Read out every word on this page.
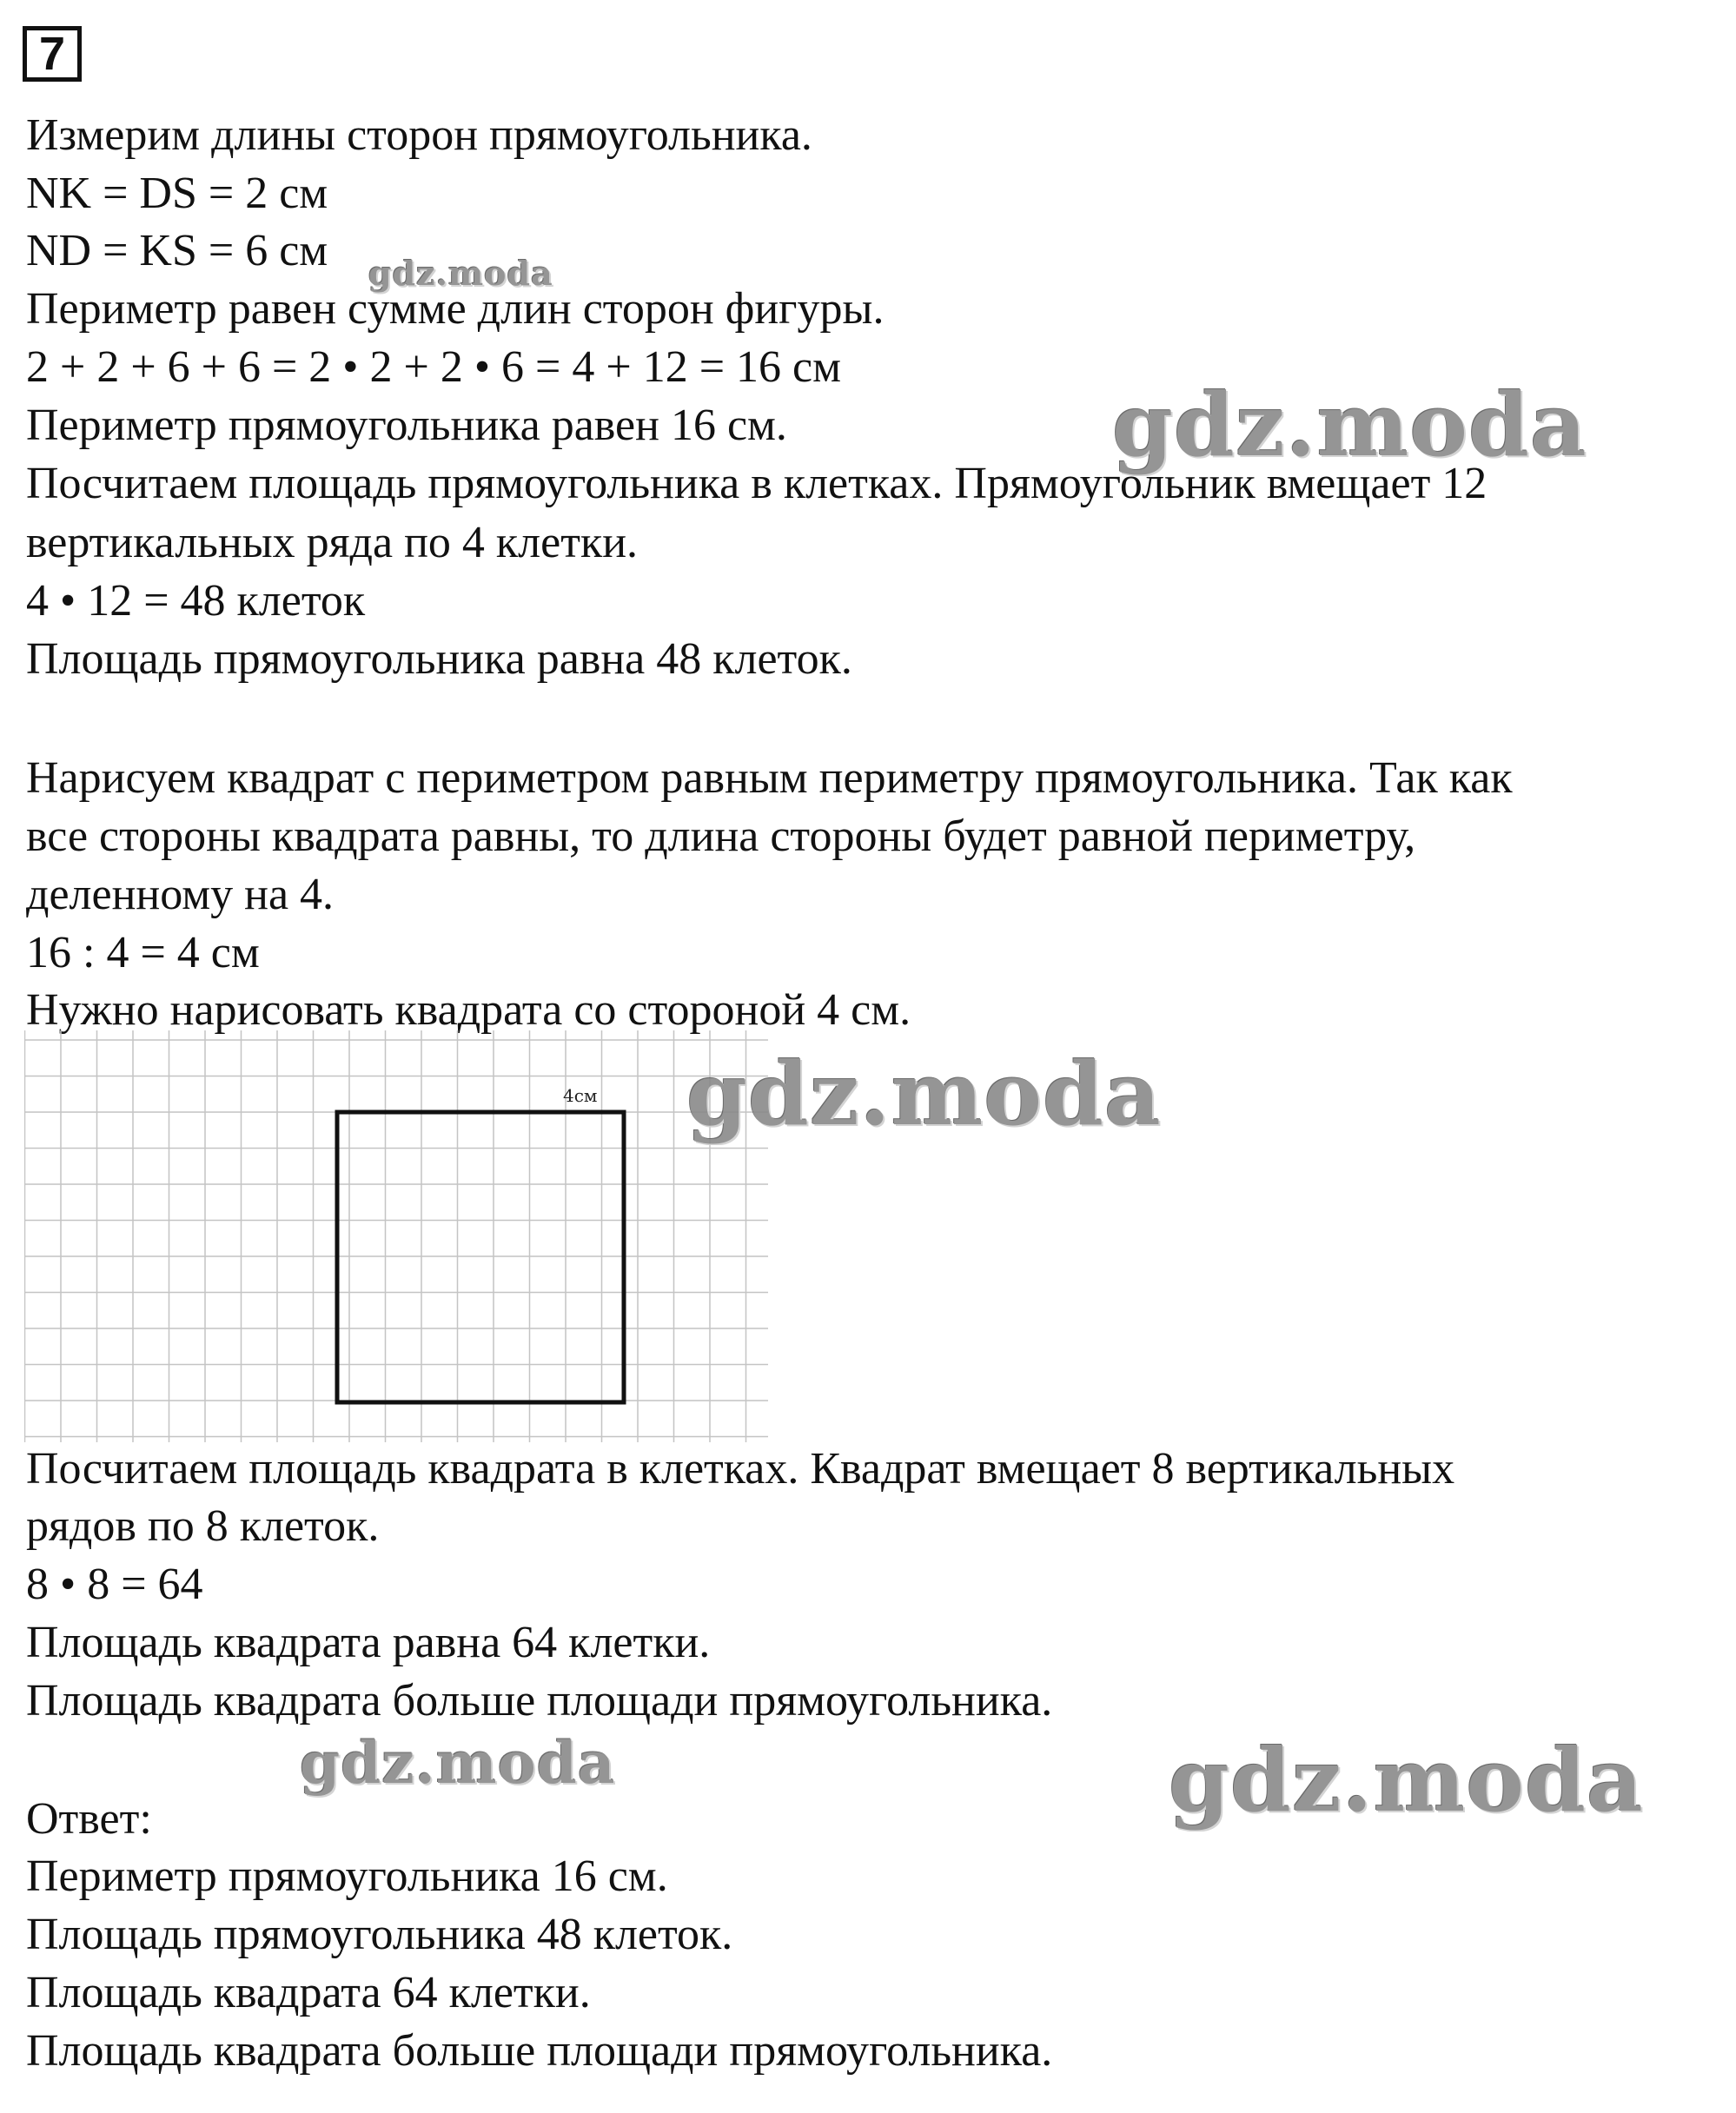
7

Измерим длины сторон прямоугольника.

NK = DS = 2 см

ND = KS = 6 см

Периметр равен сумме длин сторон фигуры.

2 + 2 + 6 + 6 = 2 • 2 + 2 • 6 = 4 + 12 = 16 см

Периметр прямоугольника равен 16 см.

Посчитаем площадь прямоугольника в клетках. Прямоугольник вмещает 12

вертикальных ряда по 4 клетки.

4 • 12 = 48 клеток

Площадь прямоугольника равна 48 клеток.

Нарисуем квадрат с периметром равным периметру прямоугольника. Так как

все стороны квадрата равны, то длина стороны будет равной периметру,

деленному на 4.

16 : 4 = 4 см

Нужно нарисовать квадрата со стороной 4 см.

4см

Посчитаем площадь квадрата в клетках. Квадрат вмещает 8 вертикальных

рядов по 8 клеток.

8 • 8 = 64

Площадь квадрата равна 64 клетки.

Площадь квадрата больше площади прямоугольника.

Ответ:

Периметр прямоугольника 16 см.

Площадь прямоугольника 48 клеток.

Площадь квадрата 64 клетки.

Площадь квадрата больше площади прямоугольника.

gdz.moda
gdz.moda
gdz.moda
gdz.moda	gdz.moda
